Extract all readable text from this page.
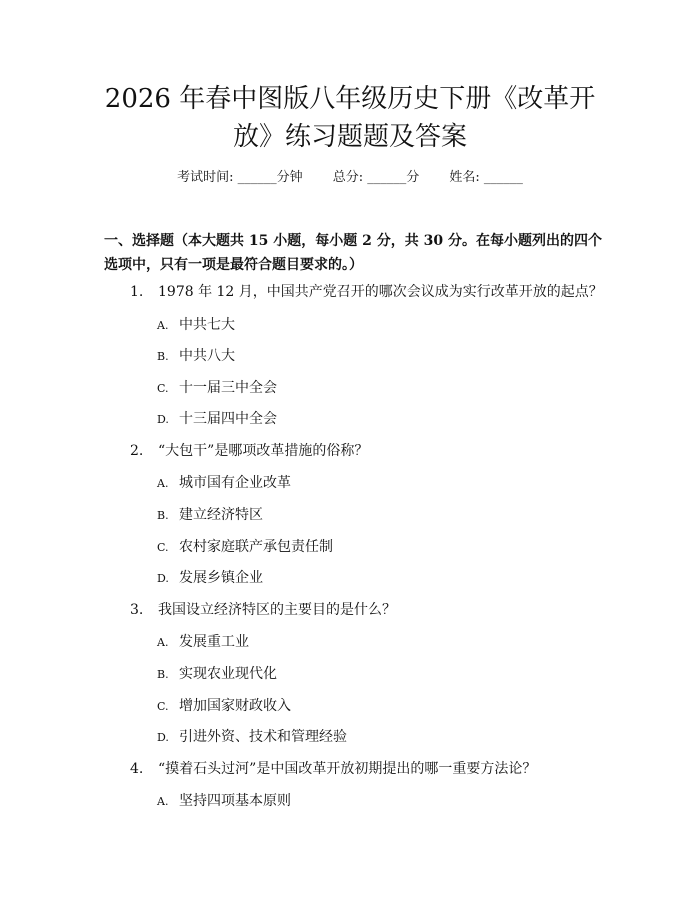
2026 年春中图版八年级历史下册《改革开
放》练习题题及答案
考试时间: ______分钟 总分: ______分 姓名: ______
一、选择题（本大题共 15 小题，每小题 2 分，共 30 分。在每小题列出的四个选项中，只有一项是最符合题目要求的。）
1. 1978 年 12 月，中国共产党召开的哪次会议成为实行改革开放的起点？
A. 中共七大
B. 中共八大
C. 十一届三中全会
D. 十三届四中全会
2. “大包干”是哪项改革措施的俗称？
A. 城市国有企业改革
B. 建立经济特区
C. 农村家庭联产承包责任制
D. 发展乡镇企业
3. 我国设立经济特区的主要目的是什么？
A. 发展重工业
B. 实现农业现代化
C. 增加国家财政收入
D. 引进外资、技术和管理经验
4. “摸着石头过河”是中国改革开放初期提出的哪一重要方法论？
A. 坚持四项基本原则
